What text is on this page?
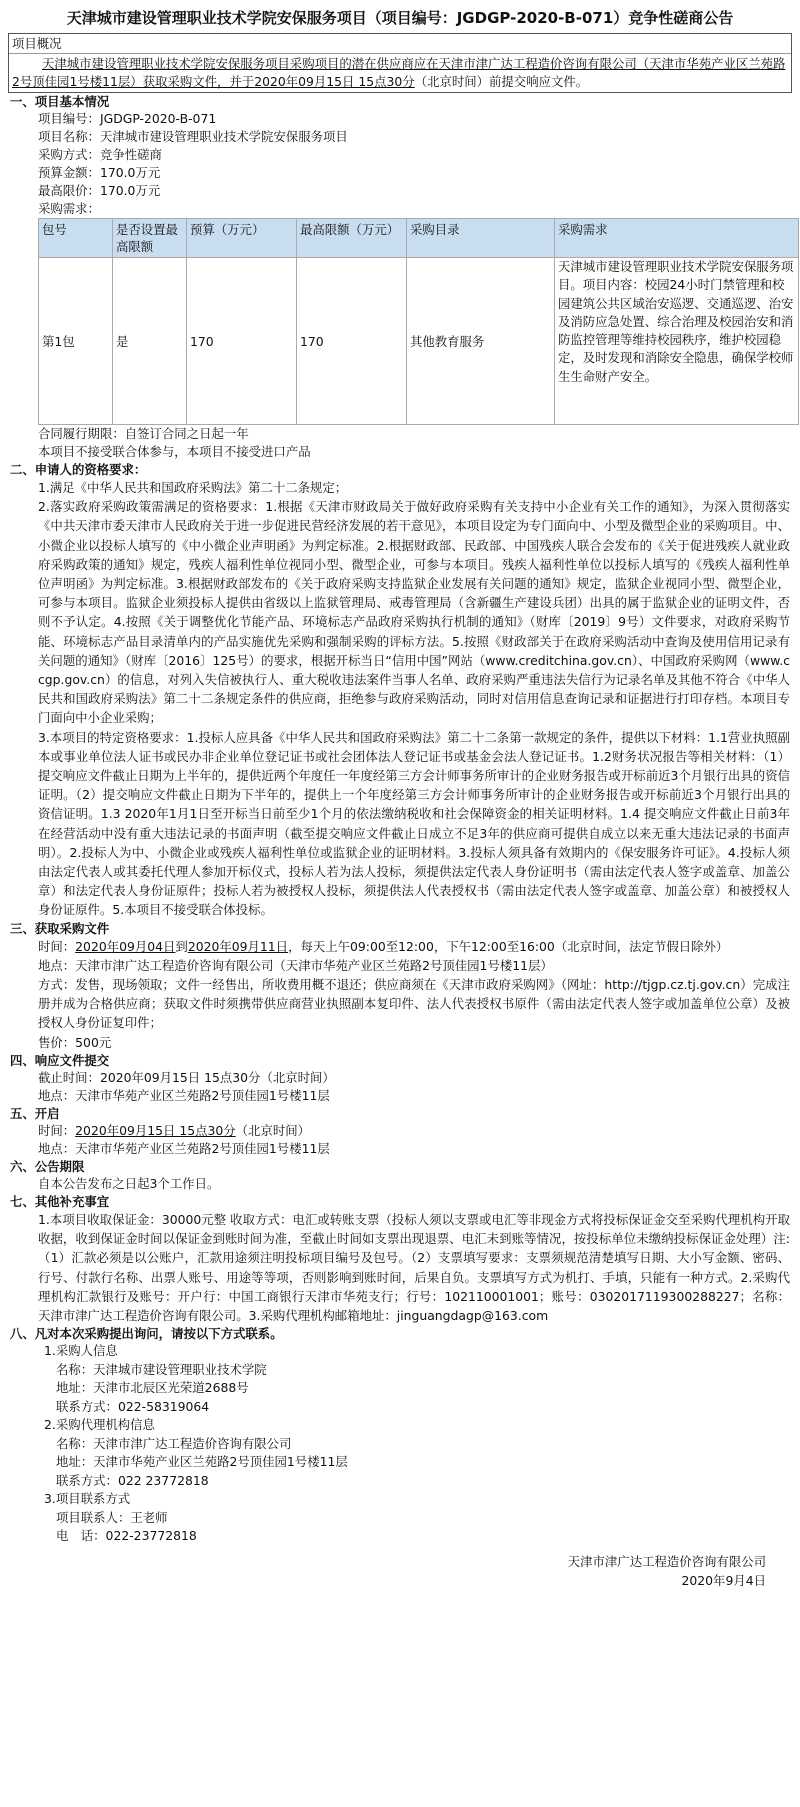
天津城市建设管理职业技术学院安保服务项目（项目编号：JGDGP-2020-B-071）竞争性磋商公告
项目概况
天津城市建设管理职业技术学院安保服务项目采购项目的潜在供应商应在天津市津广达工程造价咨询有限公司（天津市华苑产业区兰苑路2号顶佳园1号楼11层）获取采购文件，并于2020年09月15日 15点30分（北京时间）前提交响应文件。
一、项目基本情况
项目编号：JGDGP-2020-B-071
项目名称：天津城市建设管理职业技术学院安保服务项目
采购方式：竞争性磋商
预算金额：170.0万元
最高限价：170.0万元
采购需求：
包号	是否设置最高限额	预算（万元）	最高限额（万元）	采购目录	采购需求
第1包	是	170	170	其他教育服务	天津城市建设管理职业技术学院安保服务项目。项目内容：校园24小时门禁管理和校园建筑公共区域治安巡逻、交通巡逻、治安及消防应急处置、综合治理及校园治安和消防监控管理等维持校园秩序，维护校园稳定，及时发现和消除安全隐患，确保学校师生生命财产安全。
合同履行期限：自签订合同之日起一年
本项目不接受联合体参与，本项目不接受进口产品
二、申请人的资格要求：
1.满足《中华人民共和国政府采购法》第二十二条规定；
2.落实政府采购政策需满足的资格要求：1.根据《天津市财政局关于做好政府采购有关支持中小企业有关工作的通知》，为深入贯彻落实《中共天津市委天津市人民政府关于进一步促进民营经济发展的若干意见》，本项目设定为专门面向中、小型及微型企业的采购项目。中、小微企业以投标人填写的《中小微企业声明函》为判定标准。2.根据财政部、民政部、中国残疾人联合会发布的《关于促进残疾人就业政府采购政策的通知》规定，残疾人福利性单位视同小型、微型企业，可参与本项目。残疾人福利性单位以投标人填写的《残疾人福利性单位声明函》为判定标准。3.根据财政部发布的《关于政府采购支持监狱企业发展有关问题的通知》规定，监狱企业视同小型、微型企业，可参与本项目。监狱企业须投标人提供由省级以上监狱管理局、戒毒管理局（含新疆生产建设兵团）出具的属于监狱企业的证明文件，否则不予认定。4.按照《关于调整优化节能产品、环境标志产品政府采购执行机制的通知》（财库〔2019〕9号）文件要求，对政府采购节能、环境标志产品目录清单内的产品实施优先采购和强制采购的评标方法。5.按照《财政部关于在政府采购活动中查询及使用信用记录有关问题的通知》（财库〔2016〕125号）的要求，根据开标当日“信用中国”网站（www.creditchina.gov.cn）、中国政府采购网（www.ccgp.gov.cn）的信息，对列入失信被执行人、重大税收违法案件当事人名单、政府采购严重违法失信行为记录名单及其他不符合《中华人民共和国政府采购法》第二十二条规定条件的供应商，拒绝参与政府采购活动，同时对信用信息查询记录和证据进行打印存档。本项目专门面向中小企业采购；
3.本项目的特定资格要求：1.投标人应具备《中华人民共和国政府采购法》第二十二条第一款规定的条件，提供以下材料：1.1营业执照副本或事业单位法人证书或民办非企业单位登记证书或社会团体法人登记证书或基金会法人登记证书。1.2财务状况报告等相关材料：（1）提交响应文件截止日期为上半年的，提供近两个年度任一年度经第三方会计师事务所审计的企业财务报告或开标前近3个月银行出具的资信证明。（2）提交响应文件截止日期为下半年的，提供上一个年度经第三方会计师事务所审计的企业财务报告或开标前近3个月银行出具的资信证明。1.3 2020年1月1日至开标当日前至少1个月的依法缴纳税收和社会保障资金的相关证明材料。1.4 提交响应文件截止日前3年在经营活动中没有重大违法记录的书面声明（截至提交响应文件截止日成立不足3年的供应商可提供自成立以来无重大违法记录的书面声明）。2.投标人为中、小微企业或残疾人福利性单位或监狱企业的证明材料。3.投标人须具备有效期内的《保安服务许可证》。4.投标人须由法定代表人或其委托代理人参加开标仪式，投标人若为法人投标，须提供法定代表人身份证明书（需由法定代表人签字或盖章、加盖公章）和法定代表人身份证原件；投标人若为被授权人投标，须提供法人代表授权书（需由法定代表人签字或盖章、加盖公章）和被授权人身份证原件。5.本项目不接受联合体投标。
三、获取采购文件
时间：2020年09月04日到2020年09月11日，每天上午09:00至12:00，下午12:00至16:00（北京时间，法定节假日除外）
地点：天津市津广达工程造价咨询有限公司（天津市华苑产业区兰苑路2号顶佳园1号楼11层）
方式：发售，现场领取；文件一经售出，所收费用概不退还；供应商须在《天津市政府采购网》（网址：http://tjgp.cz.tj.gov.cn）完成注册并成为合格供应商；获取文件时须携带供应商营业执照副本复印件、法人代表授权书原件（需由法定代表人签字或加盖单位公章）及被授权人身份证复印件；
售价：500元
四、响应文件提交
截止时间：2020年09月15日 15点30分（北京时间）
地点：天津市华苑产业区兰苑路2号顶佳园1号楼11层
五、开启
时间：2020年09月15日 15点30分（北京时间）
地点：天津市华苑产业区兰苑路2号顶佳园1号楼11层
六、公告期限
自本公告发布之日起3个工作日。
七、其他补充事宜
1.本项目收取保证金：30000元整 收取方式：电汇或转账支票（投标人须以支票或电汇等非现金方式将投标保证金交至采购代理机构开取收据，收到保证金时间以保证金到账时间为准，至截止时间如支票出现退票、电汇未到账等情况，按投标单位未缴纳投标保证金处理）注:（1）汇款必须是以公账户，汇款用途须注明投标项目编号及包号。（2）支票填写要求：支票须规范清楚填写日期、大小写金额、密码、行号、付款行名称、出票人账号、用途等等项，否则影响到账时间，后果自负。支票填写方式为机打、手填，只能有一种方式。2.采购代理机构汇款银行及账号：开户行：中国工商银行天津市华苑支行；行号：102110001001；账号：0302017119300288227；名称：天津市津广达工程造价咨询有限公司。3.采购代理机构邮箱地址：jinguangdagp@163.com
八、凡对本次采购提出询问，请按以下方式联系。
1.采购人信息
名称：天津城市建设管理职业技术学院
地址：天津市北辰区光荣道2688号
联系方式：022-58319064
2.采购代理机构信息
名称：天津市津广达工程造价咨询有限公司
地址：天津市华苑产业区兰苑路2号顶佳园1号楼11层
联系方式：022 23772818
3.项目联系方式
项目联系人：王老师
电　话：022-23772818
天津市津广达工程造价咨询有限公司
2020年9月4日
